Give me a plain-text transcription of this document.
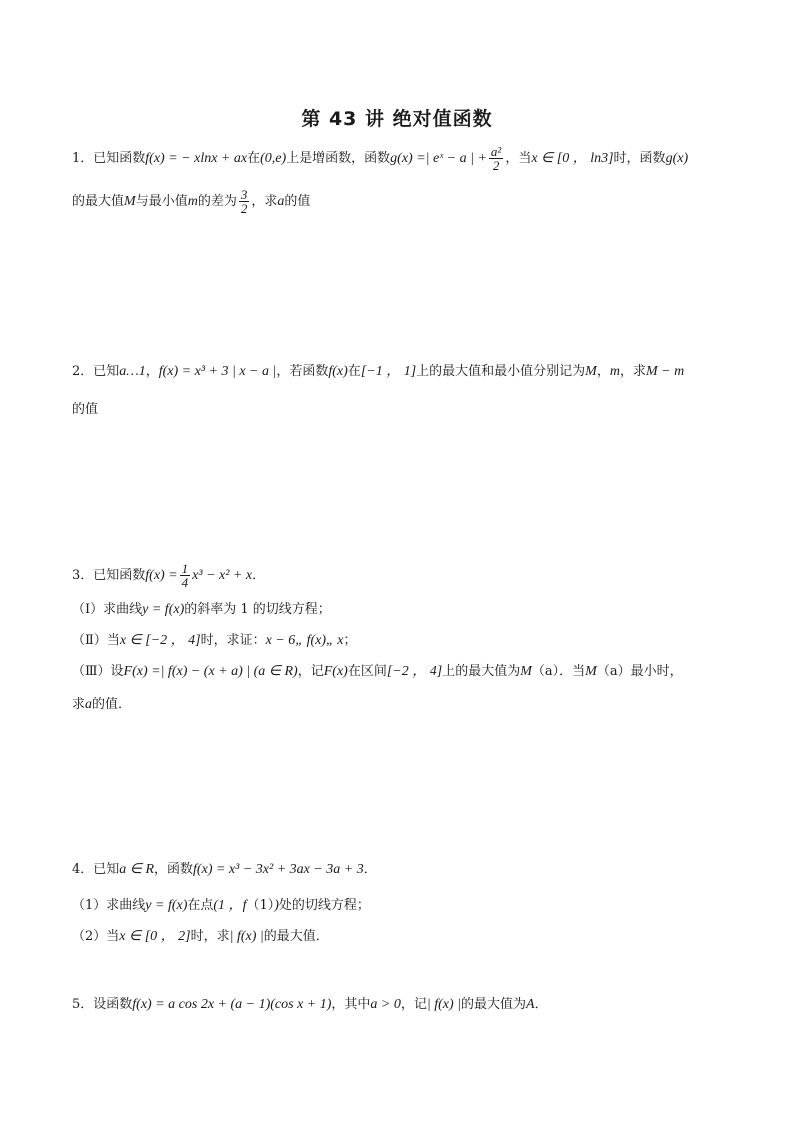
第 43 讲 绝对值函数
1．已知函数f(x) = − xlnx + ax在(0,e)上是增函数，函数g(x) =| eˣ − a | + $\frac{\text{a²}}{2}$ ，当x ∈ [0 ， ln3]时，函数g(x)
的最大值M与最小值m的差为 $\frac{3}{2}$ ，求a的值
2．已知a…1，f(x) = x³ + 3 | x − a |，若函数f(x)在[−1 ， 1]上的最大值和最小值分别记为M，m，求M − m
的值
3．已知函数$f(x) = \frac{1}{4} x^3 - x^2 + x$．
（Ⅰ）求曲线y = f(x)的斜率为 1 的切线方程；
（Ⅱ）当x ∈ [−2 ， 4]时，求证：x − 6„ f(x)„ x；
（Ⅲ）设F(x) =| f(x) − (x + a) | (a ∈ R)，记F(x)在区间[−2 ， 4]上的最大值为M（a）．当M（a）最小时，
求a的值．
4．已知a ∈ R，函数f(x) = x³ − 3x² + 3ax − 3a + 3．
（1）求曲线y = f(x)在点(1 ，f（1）)处的切线方程；
（2）当x ∈ [0 ， 2]时，求| f(x) |的最大值．
5．设函数f(x) = a cos 2x + (a − 1)(cos x + 1)，其中a > 0，记| f(x) |的最大值为A．
